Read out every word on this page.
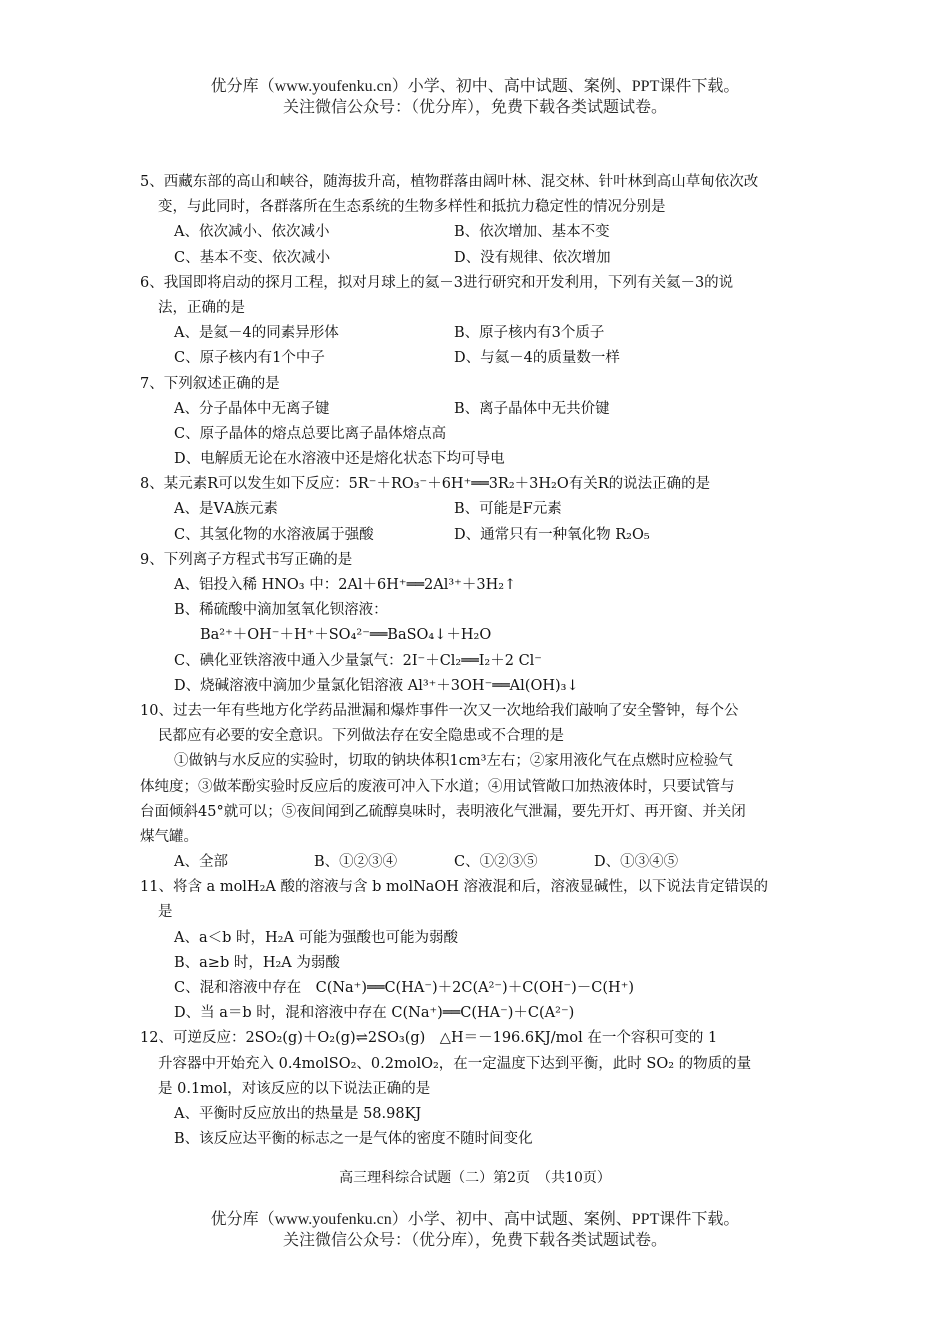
优分库（www.youfenku.cn）小学、初中、高中试题、案例、PPT课件下载。
关注微信公众号：（优分库），免费下载各类试题试卷。
5、西藏东部的高山和峡谷，随海拔升高，植物群落由阔叶林、混交林、针叶林到高山草甸依次改
变，与此同时，各群落所在生态系统的生物多样性和抵抗力稳定性的情况分别是
A、依次减小、依次减小	B、依次增加、基本不变
C、基本不变、依次减小	D、没有规律、依次增加
6、我国即将启动的探月工程，拟对月球上的氦－3进行研究和开发利用，下列有关氦－3的说
法，正确的是
A、是氦－4的同素异形体	B、原子核内有3个质子
C、原子核内有1个中子	D、与氦－4的质量数一样
7、下列叙述正确的是
A、分子晶体中无离子键	B、离子晶体中无共价键
C、原子晶体的熔点总要比离子晶体熔点高
D、电解质无论在水溶液中还是熔化状态下均可导电
8、某元素R可以发生如下反应：5R⁻＋RO₃⁻＋6H⁺══3R₂＋3H₂O有关R的说法正确的是
A、是ⅤA族元素	B、可能是F元素
C、其氢化物的水溶液属于强酸	D、通常只有一种氧化物 R₂O₅
9、下列离子方程式书写正确的是
A、铝投入稀 HNO₃ 中：2Al＋6H⁺══2Al³⁺＋3H₂↑
B、稀硫酸中滴加氢氧化钡溶液：
Ba²⁺＋OH⁻＋H⁺＋SO₄²⁻══BaSO₄↓＋H₂O
C、碘化亚铁溶液中通入少量氯气：2I⁻＋Cl₂══I₂＋2 Cl⁻
D、烧碱溶液中滴加少量氯化铝溶液 Al³⁺＋3OH⁻══Al(OH)₃↓
10、过去一年有些地方化学药品泄漏和爆炸事件一次又一次地给我们敲响了安全警钟，每个公
民都应有必要的安全意识。下列做法存在安全隐患或不合理的是
①做钠与水反应的实验时，切取的钠块体积1cm³左右；②家用液化气在点燃时应检验气
体纯度；③做苯酚实验时反应后的废液可冲入下水道；④用试管敞口加热液体时，只要试管与
台面倾斜45°就可以；⑤夜间闻到乙硫醇臭味时，表明液化气泄漏，要先开灯、再开窗、并关闭
煤气罐。
A、全部	B、①②③④	C、①②③⑤	D、①③④⑤
11、将含 a molH₂A 酸的溶液与含 b molNaOH 溶液混和后，溶液显碱性，以下说法肯定错误的
是
A、a＜b 时，H₂A 可能为强酸也可能为弱酸
B、a≥b 时，H₂A 为弱酸
C、混和溶液中存在　C(Na⁺)══C(HA⁻)＋2C(A²⁻)＋C(OH⁻)－C(H⁺)
D、当 a＝b 时，混和溶液中存在 C(Na⁺)══C(HA⁻)＋C(A²⁻)
12、可逆反应：2SO₂(g)＋O₂(g)⇌2SO₃(g)　△H＝－196.6KJ/mol 在一个容积可变的 1
升容器中开始充入 0.4molSO₂、0.2molO₂，在一定温度下达到平衡，此时 SO₂ 的物质的量
是 0.1mol，对该反应的以下说法正确的是
A、平衡时反应放出的热量是 58.98KJ
B、该反应达平衡的标志之一是气体的密度不随时间变化
高三理科综合试题（二）第2页　（共10页）
优分库（www.youfenku.cn）小学、初中、高中试题、案例、PPT课件下载。
关注微信公众号：（优分库），免费下载各类试题试卷。
